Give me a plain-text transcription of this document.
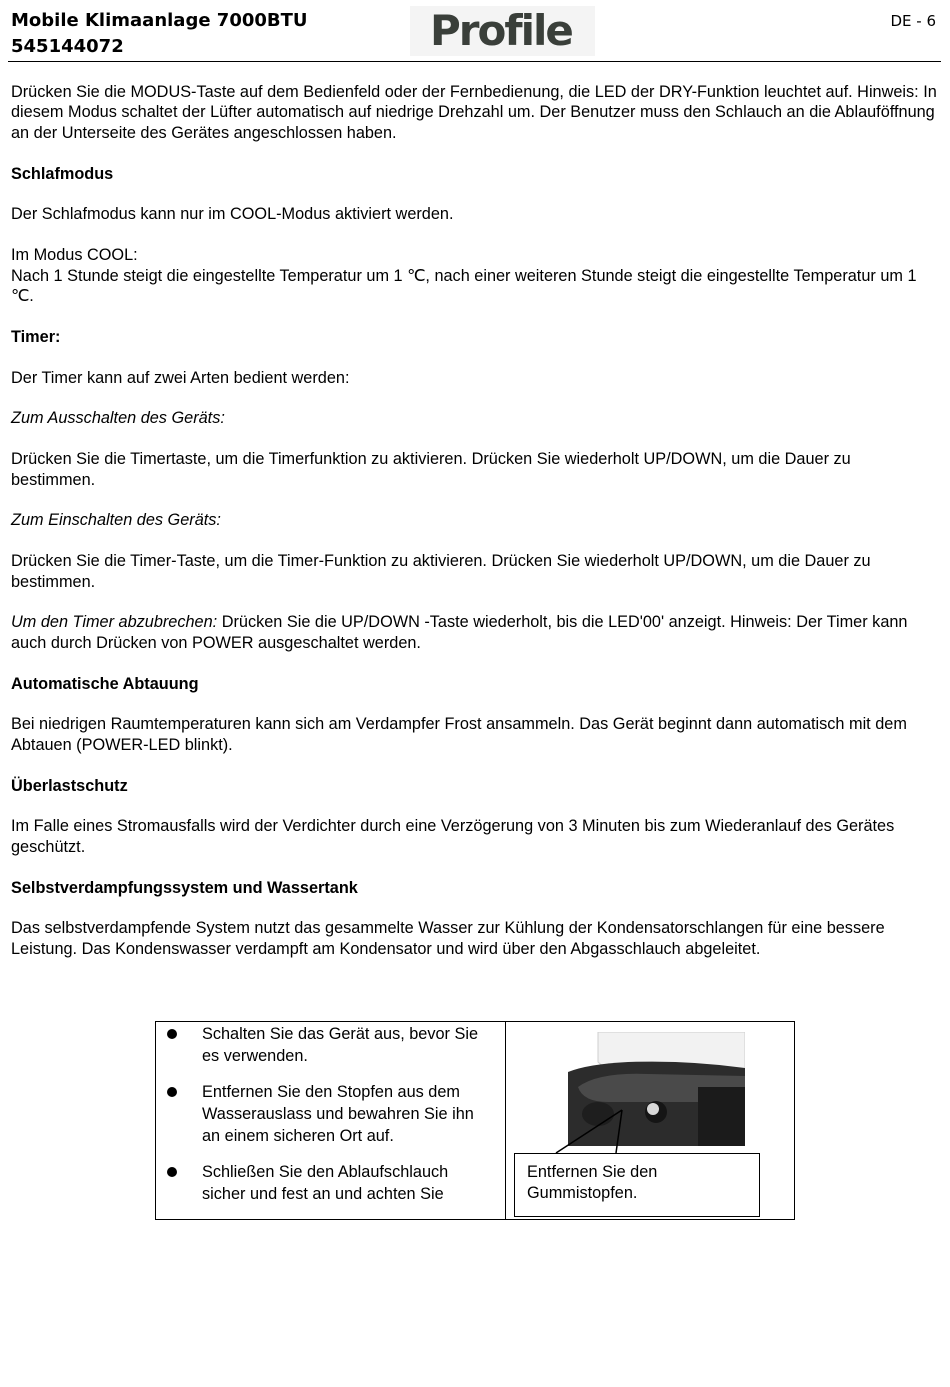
Mobile Klimaanlage 7000BTU
545144072	Profile	DE - 6

Drücken Sie die MODUS-Taste auf dem Bedienfeld oder der Fernbedienung, die LED der DRY-Funktion leuchtet auf. Hinweis: In diesem Modus schaltet der Lüfter automatisch auf niedrige Drehzahl um. Der Benutzer muss den Schlauch an die Ablauföffnung an der Unterseite des Gerätes angeschlossen haben.

Schlafmodus

Der Schlafmodus kann nur im COOL-Modus aktiviert werden.

Im Modus COOL:
Nach 1 Stunde steigt die eingestellte Temperatur um 1 ℃, nach einer weiteren Stunde steigt die eingestellte Temperatur um 1 ℃.

Timer:

Der Timer kann auf zwei Arten bedient werden:

Zum Ausschalten des Geräts:

Drücken Sie die Timertaste, um die Timerfunktion zu aktivieren. Drücken Sie wiederholt UP/DOWN, um die Dauer zu bestimmen.

Zum Einschalten des Geräts:

Drücken Sie die Timer-Taste, um die Timer-Funktion zu aktivieren. Drücken Sie wiederholt UP/DOWN, um die Dauer zu bestimmen.

Um den Timer abzubrechen: Drücken Sie die UP/DOWN -Taste wiederholt, bis die LED'00' anzeigt. Hinweis: Der Timer kann auch durch Drücken von POWER ausgeschaltet werden.

Automatische Abtauung

Bei niedrigen Raumtemperaturen kann sich am Verdampfer Frost ansammeln. Das Gerät beginnt dann automatisch mit dem Abtauen (POWER-LED blinkt).

Überlastschutz

Im Falle eines Stromausfalls wird der Verdichter durch eine Verzögerung von 3 Minuten bis zum Wiederanlauf des Gerätes geschützt.

Selbstverdampfungssystem und Wassertank

Das selbstverdampfende System nutzt das gesammelte Wasser zur Kühlung der Kondensatorschlangen für eine bessere Leistung. Das Kondenswasser verdampft am Kondensator und wird über den Abgasschlauch abgeleitet.

Schalten Sie das Gerät aus, bevor Sie es verwenden.
Entfernen Sie den Stopfen aus dem Wasserauslass und bewahren Sie ihn an einem sicheren Ort auf.
Schließen Sie den Ablaufschlauch sicher und fest an und achten Sie
Entfernen Sie den Gummistopfen.
